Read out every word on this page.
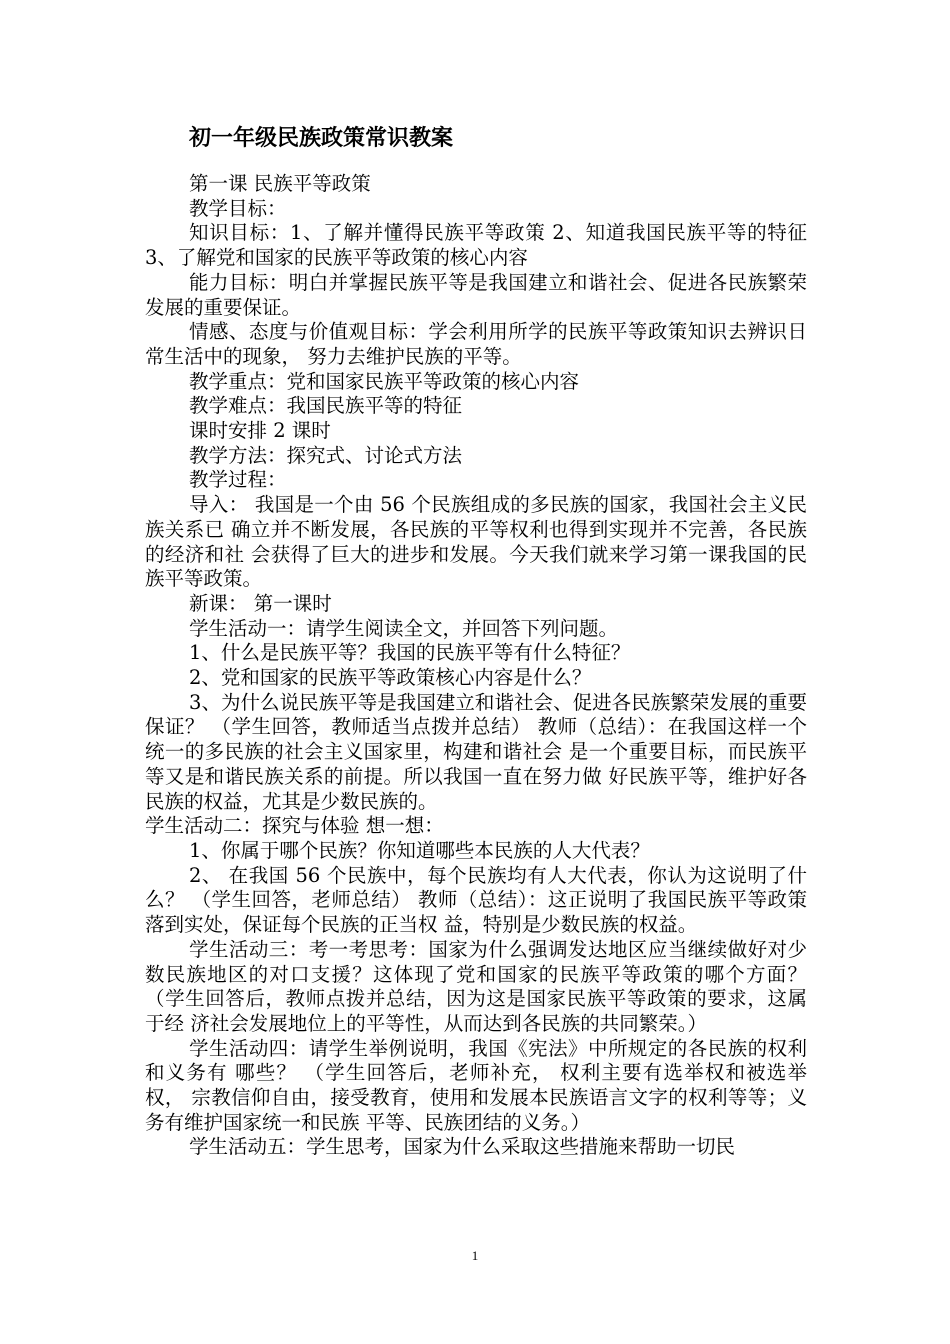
初一年级民族政策常识教案

第一课 民族平等政策

教学目标：

知识目标：1、了解并懂得民族平等政策 2、知道我国民族平等的特征 3、了解党和国家的民族平等政策的核心内容

能力目标：明白并掌握民族平等是我国建立和谐社会、促进各民族繁荣 发展的重要保证。

情感、态度与价值观目标：学会利用所学的民族平等政策知识去辨识日 常生活中的现象， 努力去维护民族的平等。

教学重点：党和国家民族平等政策的核心内容

教学难点：我国民族平等的特征

课时安排 2 课时

教学方法：探究式、讨论式方法

教学过程：

导入： 我国是一个由 56 个民族组成的多民族的国家，我国社会主义民族关系已 确立并不断发展，各民族的平等权利也得到实现并不完善，各民族的经济和社 会获得了巨大的进步和发展。今天我们就来学习第一课我国的民族平等政策。

新课： 第一课时

学生活动一：请学生阅读全文，并回答下列问题。

1、什么是民族平等？我国的民族平等有什么特征？

2、党和国家的民族平等政策核心内容是什么？

3、为什么说民族平等是我国建立和谐社会、促进各民族繁荣发展的重要保证？ （学生回答，教师适当点拨并总结） 教师（总结）：在我国这样一个统一的多民族的社会主义国家里，构建和谐社会 是一个重要目标，而民族平等又是和谐民族关系的前提。所以我国一直在努力做 好民族平等，维护好各民族的权益，尤其是少数民族的。

学生活动二：探究与体验 想一想：

1、你属于哪个民族？你知道哪些本民族的人大代表？

2、 在我国 56 个民族中，每个民族均有人大代表，你认为这说明了什么？ （学生回答，老师总结） 教师（总结）：这正说明了我国民族平等政策落到实处，保证每个民族的正当权 益，特别是少数民族的权益。

学生活动三：考一考思考：国家为什么强调发达地区应当继续做好对少数民族地区的对口支援？这体现了党和国家的民族平等政策的哪个方面？ （学生回答后，教师点拨并总结，因为这是国家民族平等政策的要求，这属于经 济社会发展地位上的平等性，从而达到各民族的共同繁荣。）

学生活动四：请学生举例说明，我国《宪法》中所规定的各民族的权利和义务有 哪些？ （学生回答后，老师补充， 权利主要有选举权和被选举权， 宗教信仰自由，接受教育，使用和发展本民族语言文字的权利等等；义务有维护国家统一和民族 平等、民族团结的义务。）

学生活动五：学生思考，国家为什么采取这些措施来帮助一切民

1
